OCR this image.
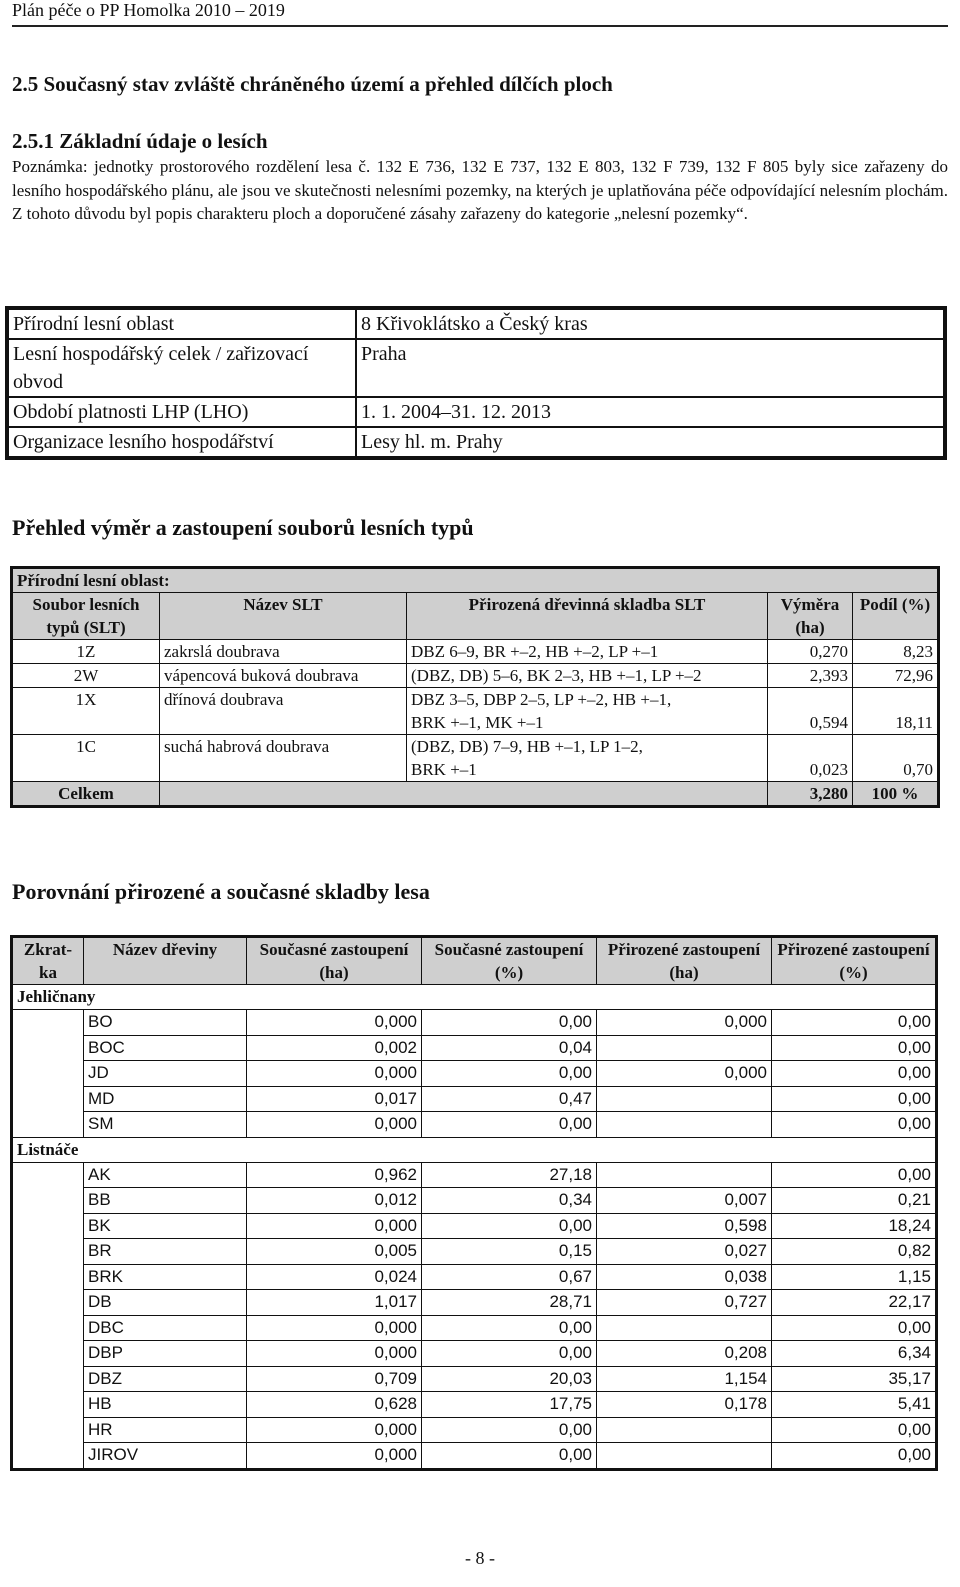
Plán péče o PP Homolka 2010 – 2019
2.5 Současný stav zvláště chráněného území a přehled dílčích ploch
2.5.1 Základní údaje o lesích
Poznámka: jednotky prostorového rozdělení lesa č. 132 E 736, 132 E 737, 132 E 803, 132 F 739, 132 F 805 byly sice zařazeny do lesního hospodářského plánu, ale jsou ve skutečnosti nelesními pozemky, na kterých je uplatňována péče odpovídající nelesním plochám. Z tohoto důvodu byl popis charakteru ploch a doporučené zásahy zařazeny do kategorie „nelesní pozemky“.
Přírodní lesní oblast	8 Křivoklátsko a Český kras
Lesní hospodářský celek / zařizovací obvod	Praha
Období platnosti LHP (LHO)	1. 1. 2004–31. 12. 2013
Organizace lesního hospodářství	Lesy hl. m. Prahy
Přehled výměr a zastoupení souborů lesních typů
Přírodní lesní oblast:				
Soubor lesních typů (SLT)	Název SLT	Přirozená dřevinná skladba SLT	Výměra (ha)	Podíl (%)
1Z	zakrslá doubrava	DBZ 6–9, BR +–2, HB +–2, LP +–1	0,270	8,23
2W	vápencová buková doubrava	(DBZ, DB) 5–6, BK 2–3, HB +–1, LP +–2	2,393	72,96
1X	dřínová doubrava	DBZ 3–5, DBP 2–5, LP +–2, HB +–1,
BRK +–1, MK +–1	0,594	18,11
1C	suchá habrová doubrava	(DBZ, DB) 7–9, HB +–1, LP 1–2,
BRK +–1	0,023	0,70
Celkem			3,280	100 %
Porovnání přirozené a současné skladby lesa
Zkrat-ka	Název dřeviny	Současné zastoupení (ha)	Současné zastoupení (%)	Přirozené zastoupení (ha)	Přirozené zastoupení (%)
Jehličnany					
	BO	0,000	0,00	0,000	0,00
	BOC	0,002	0,04		0,00
	JD	0,000	0,00	0,000	0,00
	MD	0,017	0,47		0,00
	SM	0,000	0,00		0,00
Listnáče					
	AK	0,962	27,18		0,00
	BB	0,012	0,34	0,007	0,21
	BK	0,000	0,00	0,598	18,24
	BR	0,005	0,15	0,027	0,82
	BRK	0,024	0,67	0,038	1,15
	DB	1,017	28,71	0,727	22,17
	DBC	0,000	0,00		0,00
	DBP	0,000	0,00	0,208	6,34
	DBZ	0,709	20,03	1,154	35,17
	HB	0,628	17,75	0,178	5,41
	HR	0,000	0,00		0,00
	JIROV	0,000	0,00		0,00
- 8 -
